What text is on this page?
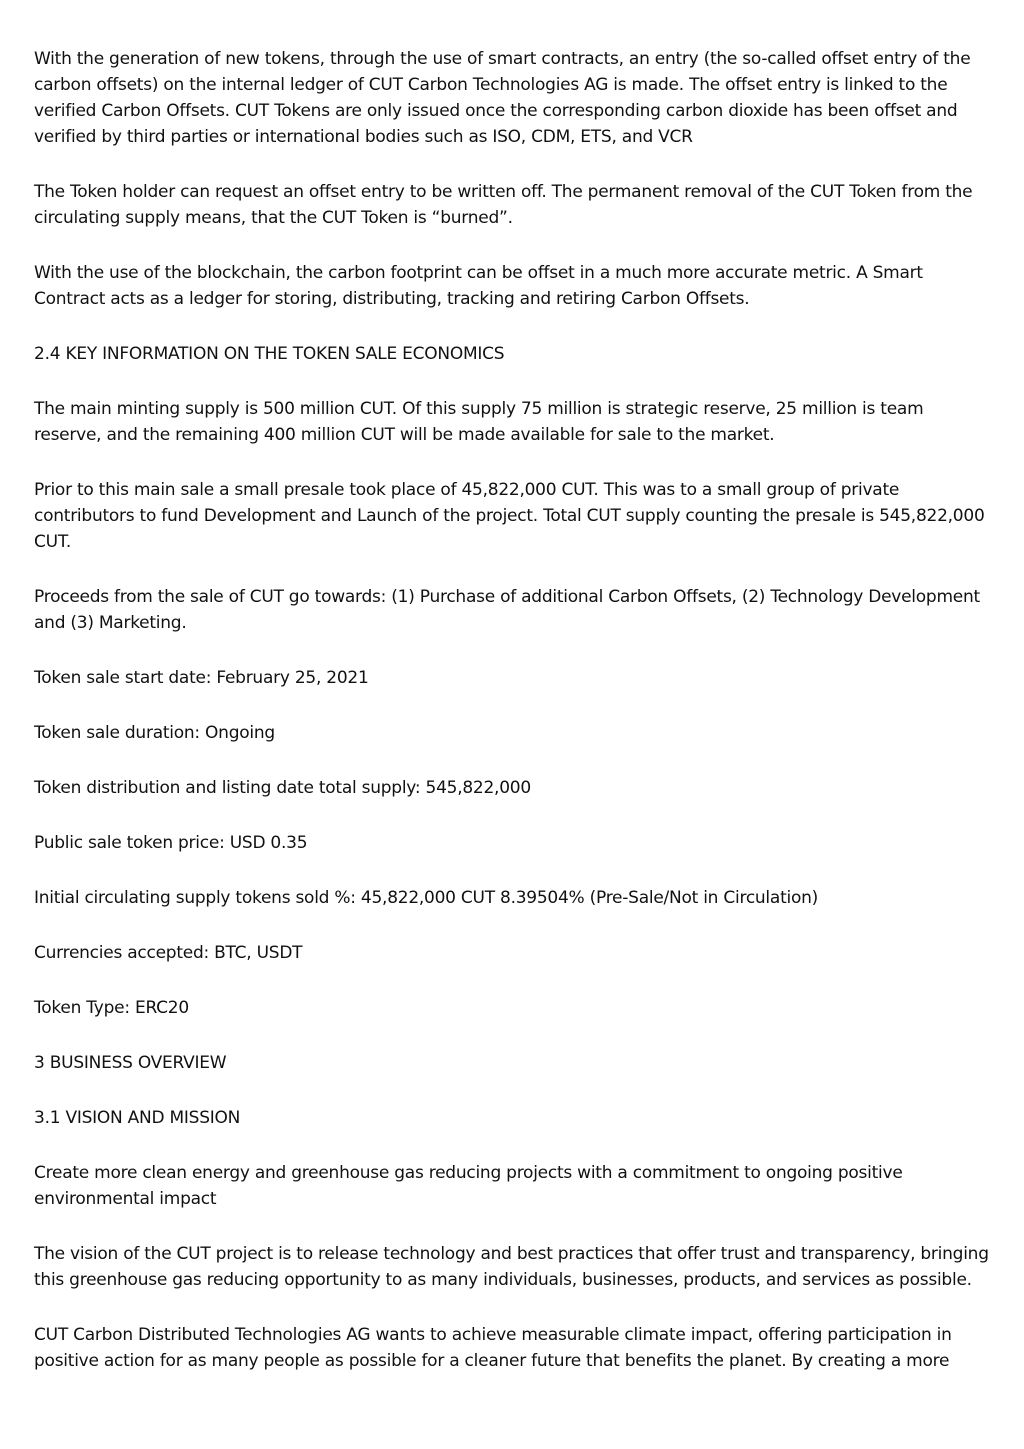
With the generation of new tokens, through the use of smart contracts, an entry (the so-called offset entry of the carbon offsets) on the internal ledger of CUT Carbon Technologies AG is made. The offset entry is linked to the verified Carbon Offsets. CUT Tokens are only issued once the corresponding carbon dioxide has been offset and verified by third parties or international bodies such as ISO, CDM, ETS, and VCR

The Token holder can request an offset entry to be written off. The permanent removal of the CUT Token from the circulating supply means, that the CUT Token is “burned”.

With the use of the blockchain, the carbon footprint can be offset in a much more accurate metric. A Smart Contract acts as a ledger for storing, distributing, tracking and retiring Carbon Offsets.

2.4 KEY INFORMATION ON THE TOKEN SALE ECONOMICS

The main minting supply is 500 million CUT. Of this supply 75 million is strategic reserve, 25 million is team reserve, and the remaining 400 million CUT will be made available for sale to the market.

Prior to this main sale a small presale took place of 45,822,000 CUT. This was to a small group of private contributors to fund Development and Launch of the project. Total CUT supply counting the presale is 545,822,000 CUT.

Proceeds from the sale of CUT go towards: (1) Purchase of additional Carbon Offsets, (2) Technology Development and (3) Marketing.

Token sale start date: February 25, 2021

Token sale duration: Ongoing

Token distribution and listing date total supply: 545,822,000

Public sale token price: USD 0.35

Initial circulating supply tokens sold %: 45,822,000 CUT 8.39504% (Pre-Sale/Not in Circulation)

Currencies accepted: BTC, USDT

Token Type: ERC20

3 BUSINESS OVERVIEW

3.1 VISION AND MISSION

Create more clean energy and greenhouse gas reducing projects with a commitment to ongoing positive environmental impact

The vision of the CUT project is to release technology and best practices that offer trust and transparency, bringing this greenhouse gas reducing opportunity to as many individuals, businesses, products, and services as possible.

CUT Carbon Distributed Technologies AG wants to achieve measurable climate impact, offering participation in positive action for as many people as possible for a cleaner future that benefits the planet. By creating a more
